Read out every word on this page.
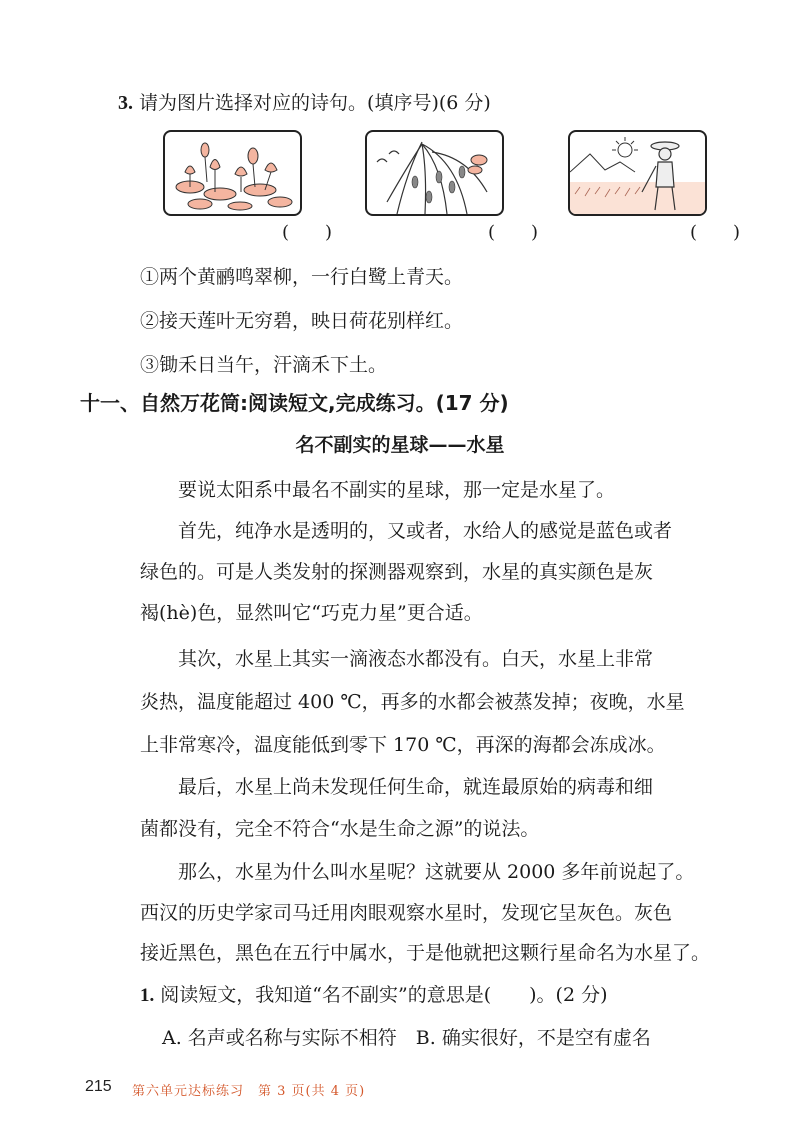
3. 请为图片选择对应的诗句。(填序号)(6 分)
(　　)	(　　)	(　　)
①两个黄鹂鸣翠柳，一行白鹭上青天。
②接天莲叶无穷碧，映日荷花别样红。
③锄禾日当午，汗滴禾下土。
十一、自然万花筒:阅读短文,完成练习。(17 分)
名不副实的星球——水星
　　要说太阳系中最名不副实的星球，那一定是水星了。
　　首先，纯净水是透明的，又或者，水给人的感觉是蓝色或者
绿色的。可是人类发射的探测器观察到，水星的真实颜色是灰
褐(hè)色，显然叫它“巧克力星”更合适。
　　其次，水星上其实一滴液态水都没有。白天，水星上非常
炎热，温度能超过 400 ℃，再多的水都会被蒸发掉；夜晚，水星
上非常寒冷，温度能低到零下 170 ℃，再深的海都会冻成冰。
　　最后，水星上尚未发现任何生命，就连最原始的病毒和细
菌都没有，完全不符合“水是生命之源”的说法。
　　那么，水星为什么叫水星呢？这就要从 2000 多年前说起了。
西汉的历史学家司马迁用肉眼观察水星时，发现它呈灰色。灰色
接近黑色，黑色在五行中属水，于是他就把这颗行星命名为水星了。
1. 阅读短文，我知道“名不副实”的意思是(　　)。(2 分)
A. 名声或名称与实际不相符　B. 确实很好，不是空有虚名
215 第六单元达标练习　第 3 页(共 4 页)
